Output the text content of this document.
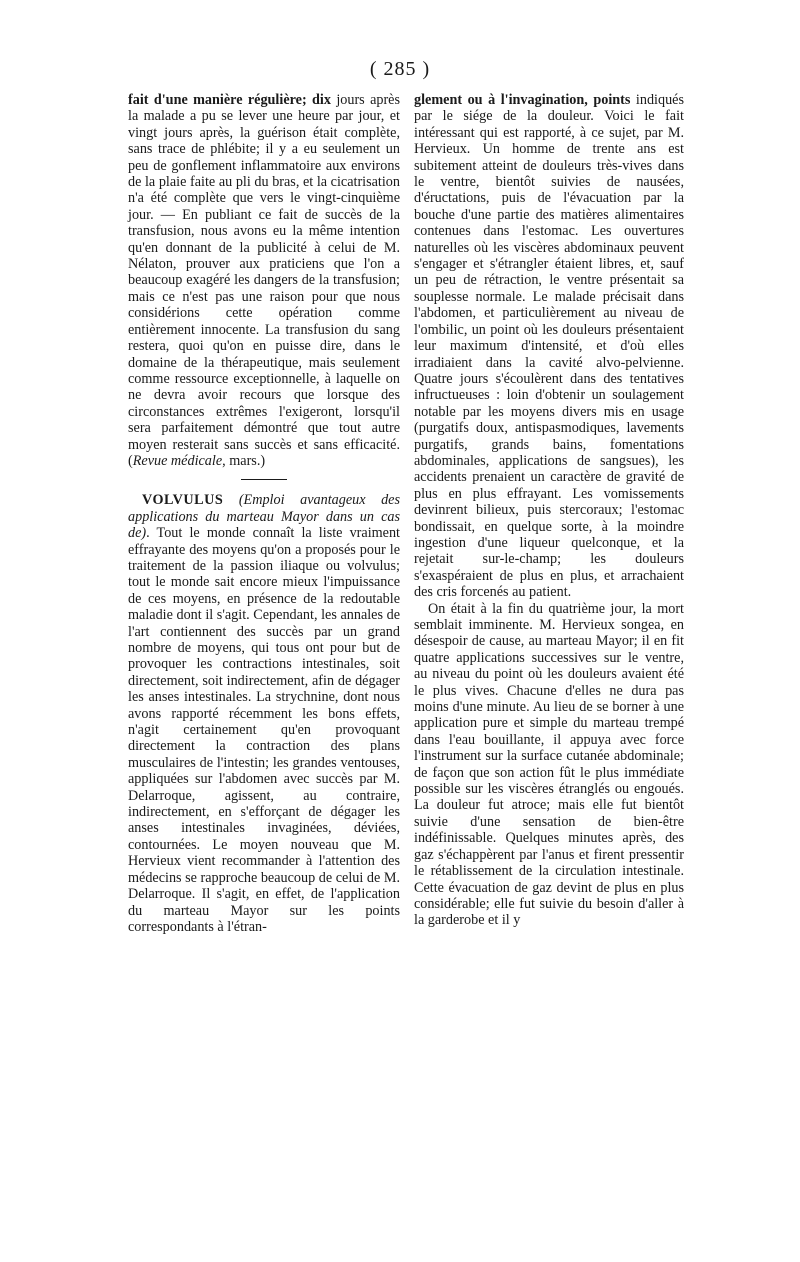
( 285 )

fait d'une manière régulière; dix jours après la malade a pu se lever une heure par jour, et vingt jours après, la guérison était complète, sans trace de phlébite; il y a eu seulement un peu de gonflement inflammatoire aux environs de la plaie faite au pli du bras, et la cicatrisation n'a été complète que vers le vingt-cinquième jour. — En publiant ce fait de succès de la transfusion, nous avons eu la même intention qu'en donnant de la publicité à celui de M. Nélaton, prouver aux praticiens que l'on a beaucoup exagéré les dangers de la transfusion; mais ce n'est pas une raison pour que nous considérions cette opération comme entièrement innocente. La transfusion du sang restera, quoi qu'on en puisse dire, dans le domaine de la thérapeutique, mais seulement comme ressource exceptionnelle, à laquelle on ne devra avoir recours que lorsque des circonstances extrêmes l'exigeront, lorsqu'il sera parfaitement démontré que tout autre moyen resterait sans succès et sans efficacité. (Revue médicale, mars.)

VOLVULUS (Emploi avantageux des applications du marteau Mayor dans un cas de). Tout le monde connaît la liste vraiment effrayante des moyens qu'on a proposés pour le traitement de la passion iliaque ou volvulus; tout le monde sait encore mieux l'impuissance de ces moyens, en présence de la redoutable maladie dont il s'agit. Cependant, les annales de l'art contiennent des succès par un grand nombre de moyens, qui tous ont pour but de provoquer les contractions intestinales, soit directement, soit indirectement, afin de dégager les anses intestinales. La strychnine, dont nous avons rapporté récemment les bons effets, n'agit certainement qu'en provoquant directement la contraction des plans musculaires de l'intestin; les grandes ventouses, appliquées sur l'abdomen avec succès par M. Delarroque, agissent, au contraire, indirectement, en s'efforçant de dégager les anses intestinales invaginées, déviées, contournées. Le moyen nouveau que M. Hervieux vient recommander à l'attention des médecins se rapproche beaucoup de celui de M. Delarroque. Il s'agit, en effet, de l'application du marteau Mayor sur les points correspondants à l'étran-

glement ou à l'invagination, points indiqués par le siége de la douleur. Voici le fait intéressant qui est rapporté, à ce sujet, par M. Hervieux. Un homme de trente ans est subitement atteint de douleurs très-vives dans le ventre, bientôt suivies de nausées, d'éructations, puis de l'évacuation par la bouche d'une partie des matières alimentaires contenues dans l'estomac. Les ouvertures naturelles où les viscères abdominaux peuvent s'engager et s'étrangler étaient libres, et, sauf un peu de rétraction, le ventre présentait sa souplesse normale. Le malade précisait dans l'abdomen, et particulièrement au niveau de l'ombilic, un point où les douleurs présentaient leur maximum d'intensité, et d'où elles irradiaient dans la cavité alvo-pelvienne. Quatre jours s'écoulèrent dans des tentatives infructueuses : loin d'obtenir un soulagement notable par les moyens divers mis en usage (purgatifs doux, antispasmodiques, lavements purgatifs, grands bains, fomentations abdominales, applications de sangsues), les accidents prenaient un caractère de gravité de plus en plus effrayant. Les vomissements devinrent bilieux, puis stercoraux; l'estomac bondissait, en quelque sorte, à la moindre ingestion d'une liqueur quelconque, et la rejetait sur-le-champ; les douleurs s'exaspéraient de plus en plus, et arrachaient des cris forcenés au patient.

On était à la fin du quatrième jour, la mort semblait imminente. M. Hervieux songea, en désespoir de cause, au marteau Mayor; il en fit quatre applications successives sur le ventre, au niveau du point où les douleurs avaient été le plus vives. Chacune d'elles ne dura pas moins d'une minute. Au lieu de se borner à une application pure et simple du marteau trempé dans l'eau bouillante, il appuya avec force l'instrument sur la surface cutanée abdominale; de façon que son action fût le plus immédiate possible sur les viscères étranglés ou engoués. La douleur fut atroce; mais elle fut bientôt suivie d'une sensation de bien-être indéfinissable. Quelques minutes après, des gaz s'échappèrent par l'anus et firent pressentir le rétablissement de la circulation intestinale. Cette évacuation de gaz devint de plus en plus considérable; elle fut suivie du besoin d'aller à la garderobe et il y
